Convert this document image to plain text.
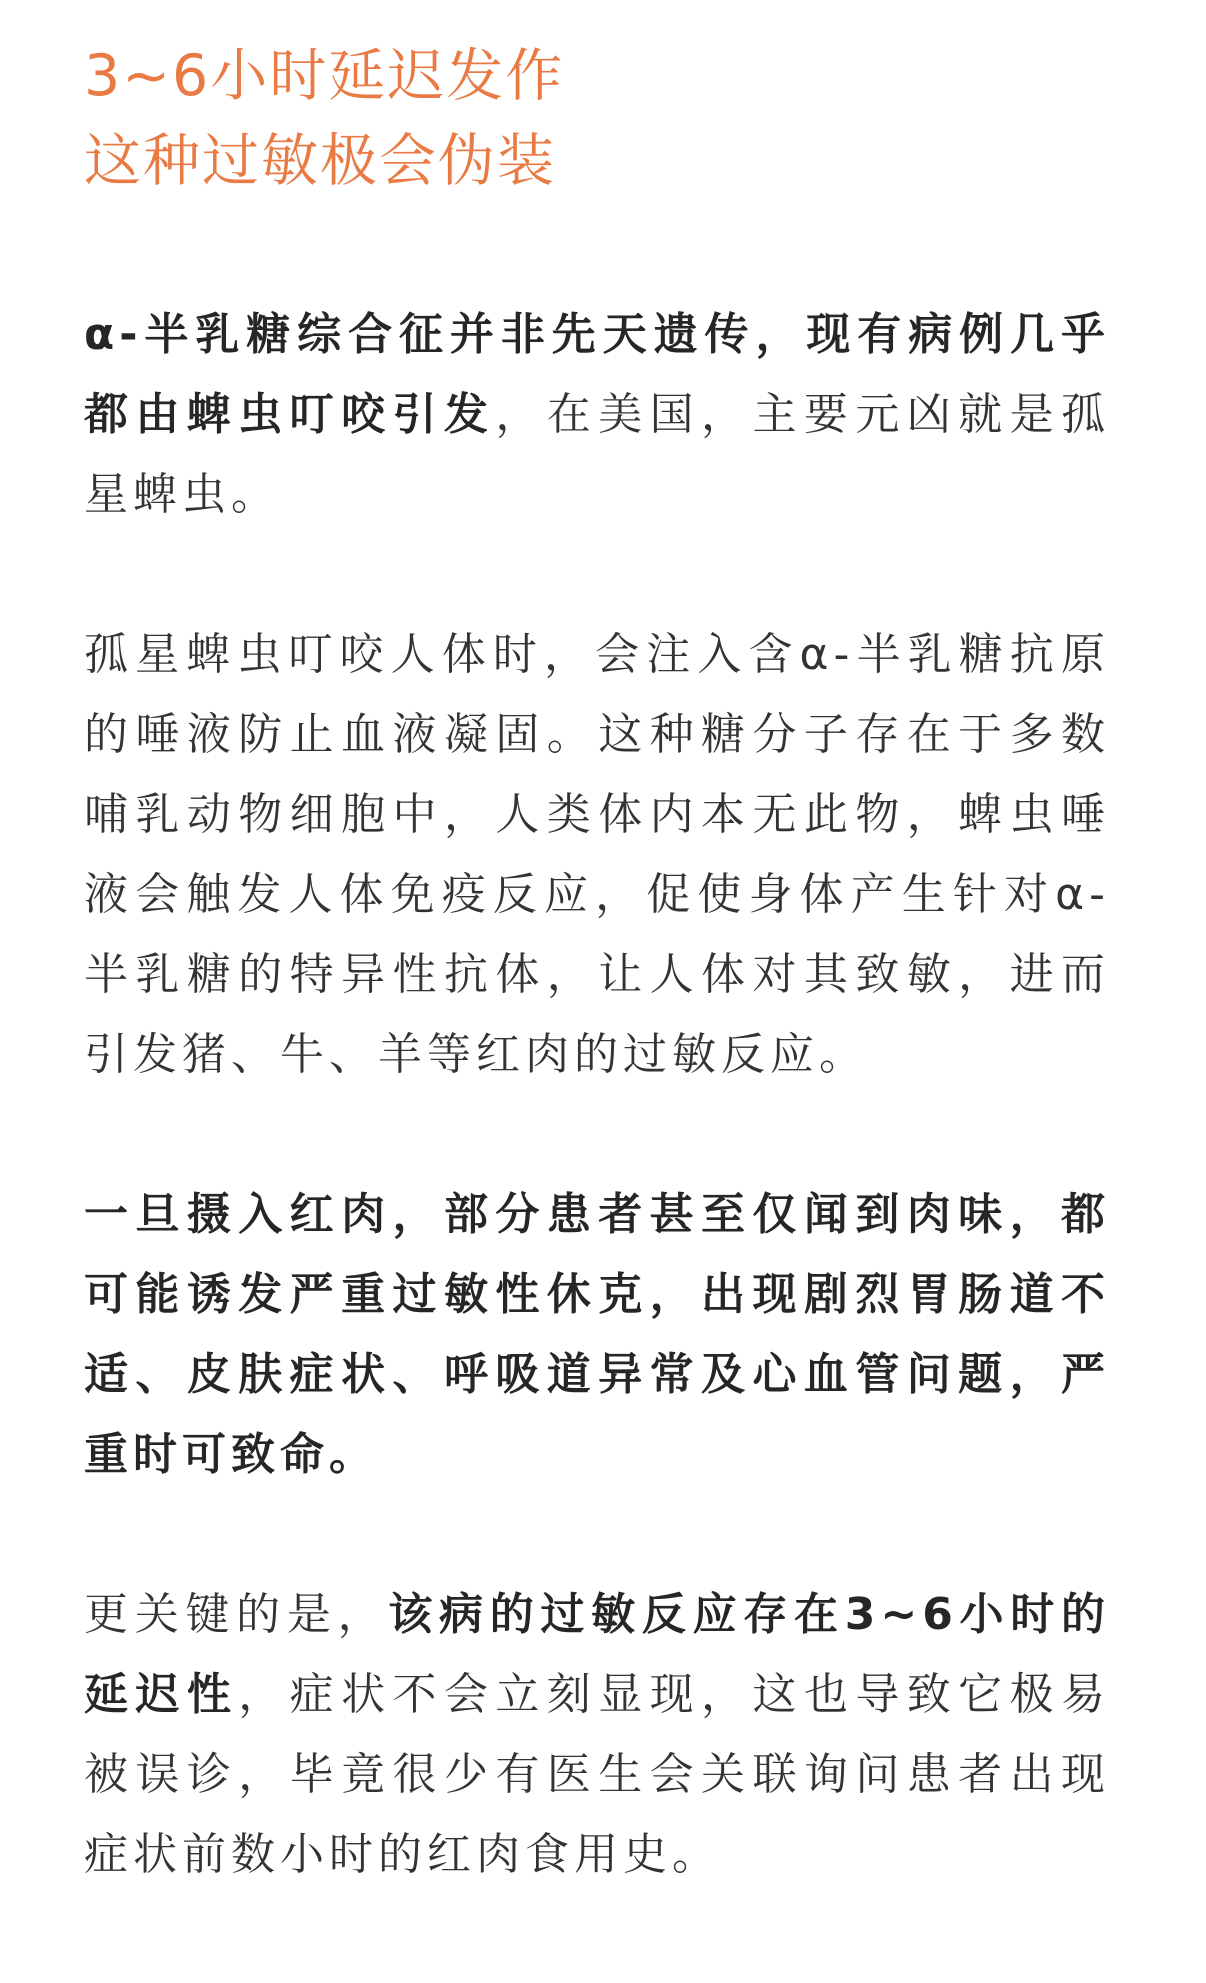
3~6小时延迟发作
这种过敏极会伪装

α-半乳糖综合征并非先天遗传，现有病例几乎都由蜱虫叮咬引发，在美国，主要元凶就是孤星蜱虫。

孤星蜱虫叮咬人体时，会注入含α-半乳糖抗原的唾液防止血液凝固。这种糖分子存在于多数哺乳动物细胞中，人类体内本无此物，蜱虫唾液会触发人体免疫反应，促使身体产生针对α-半乳糖的特异性抗体，让人体对其致敏，进而引发猪、牛、羊等红肉的过敏反应。

一旦摄入红肉，部分患者甚至仅闻到肉味，都可能诱发严重过敏性休克，出现剧烈胃肠道不适、皮肤症状、呼吸道异常及心血管问题，严重时可致命。

更关键的是，该病的过敏反应存在3~6小时的延迟性，症状不会立刻显现，这也导致它极易被误诊，毕竟很少有医生会关联询问患者出现症状前数小时的红肉食用史。
